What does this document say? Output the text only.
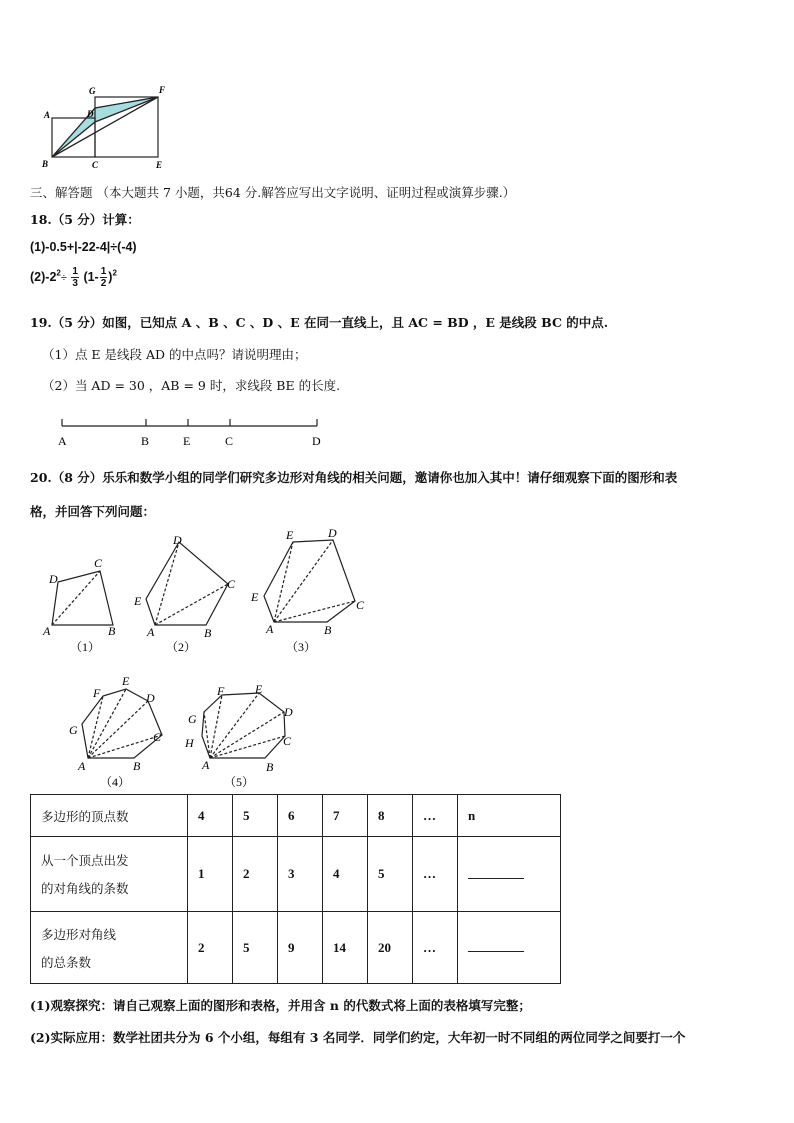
G	F
A	D
B	C	E
三、解答题 （本大题共 7 小题，共64 分.解答应写出文字说明、证明过程或演算步骤.）
18.（5 分）计算：
(1)-0.5+|-22-4|÷(-4)
$(2)-2^2\div \frac{1}{3} (1- \frac{1}{2} )^2$
19.（5 分）如图，已知点 A 、B 、C 、D 、E 在同一直线上，且 AC = BD ，E 是线段 BC 的中点.
（1）点 E 是线段 AD 的中点吗？请说明理由；
（2）当 AD = 30 ，AB = 9 时，求线段 BE 的长度.
A	B	E	C	D
20.（8 分）乐乐和数学小组的同学们研究多边形对角线的相关问题，邀请你也加入其中！请仔细观察下面的图形和表
格，并回答下列问题：
C
D
A	B
D
C
E
A	B
E	D
E
C
A	B
F
E
D
G	C
A	B
F	E
G	D
H	C
A	B
（1）	（2）	（3）
（4）	（5）
多边形的顶点数	4	5	6	7	8	…	n

从一个顶点出发
的对角线的条数	1	2	3	4	5	…	

多边形对角线
的总条数	2	5	9	14	20	…	
(1)观察探究：请自己观察上面的图形和表格，并用含 n 的代数式将上面的表格填写完整；
(2)实际应用：数学社团共分为 6 个小组，每组有 3 名同学．同学们约定，大年初一时不同组的两位同学之间要打一个
